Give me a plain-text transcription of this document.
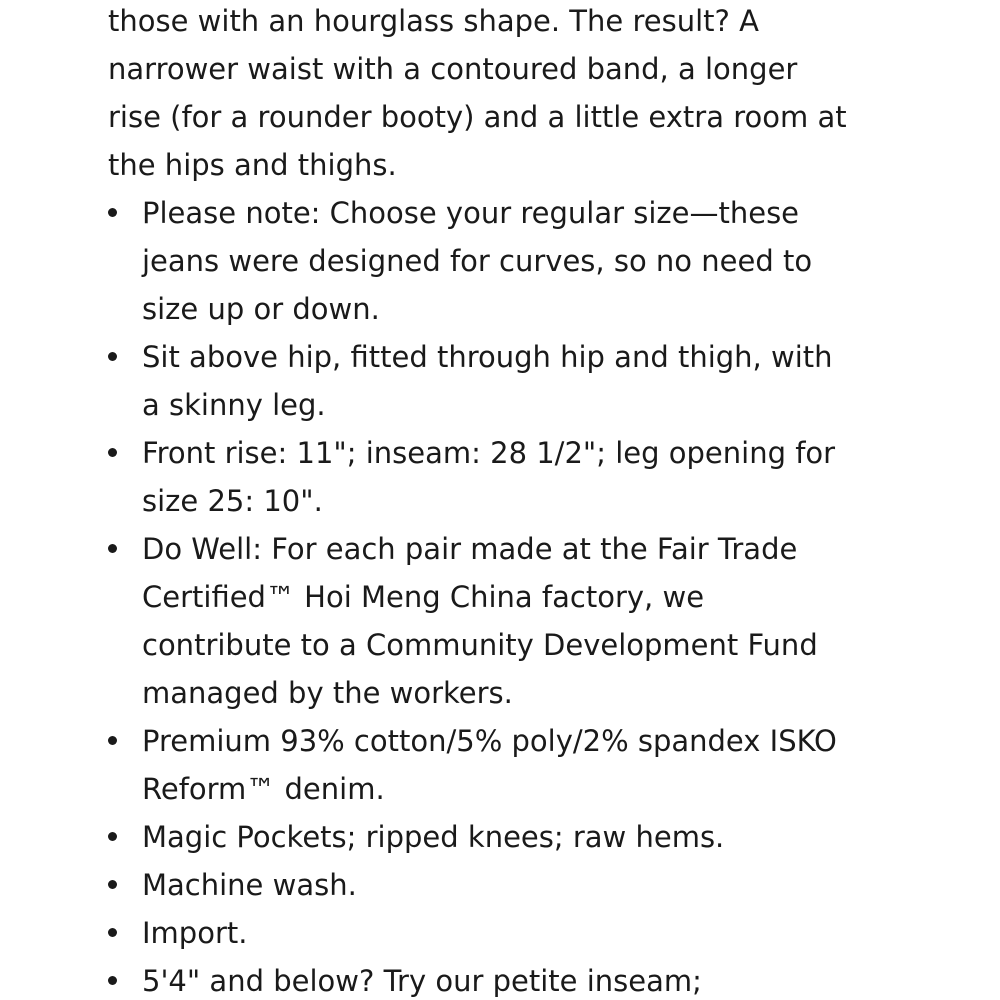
those with an hourglass shape. The result? A narrower waist with a contoured band, a longer rise (for a rounder booty) and a little extra room at the hips and thighs.

Please note: Choose your regular size—these jeans were designed for curves, so no need to size up or down.
Sit above hip, fitted through hip and thigh, with a skinny leg.
Front rise: 11"; inseam: 28 1/2"; leg opening for size 25: 10".
Do Well: For each pair made at the Fair Trade Certified™ Hoi Meng China factory, we contribute to a Community Development Fund managed by the workers.
Premium 93% cotton/5% poly/2% spandex ISKO Reform™ denim.
Magic Pockets; ripped knees; raw hems.
Machine wash.
Import.
5'4" and below? Try our petite inseam;
